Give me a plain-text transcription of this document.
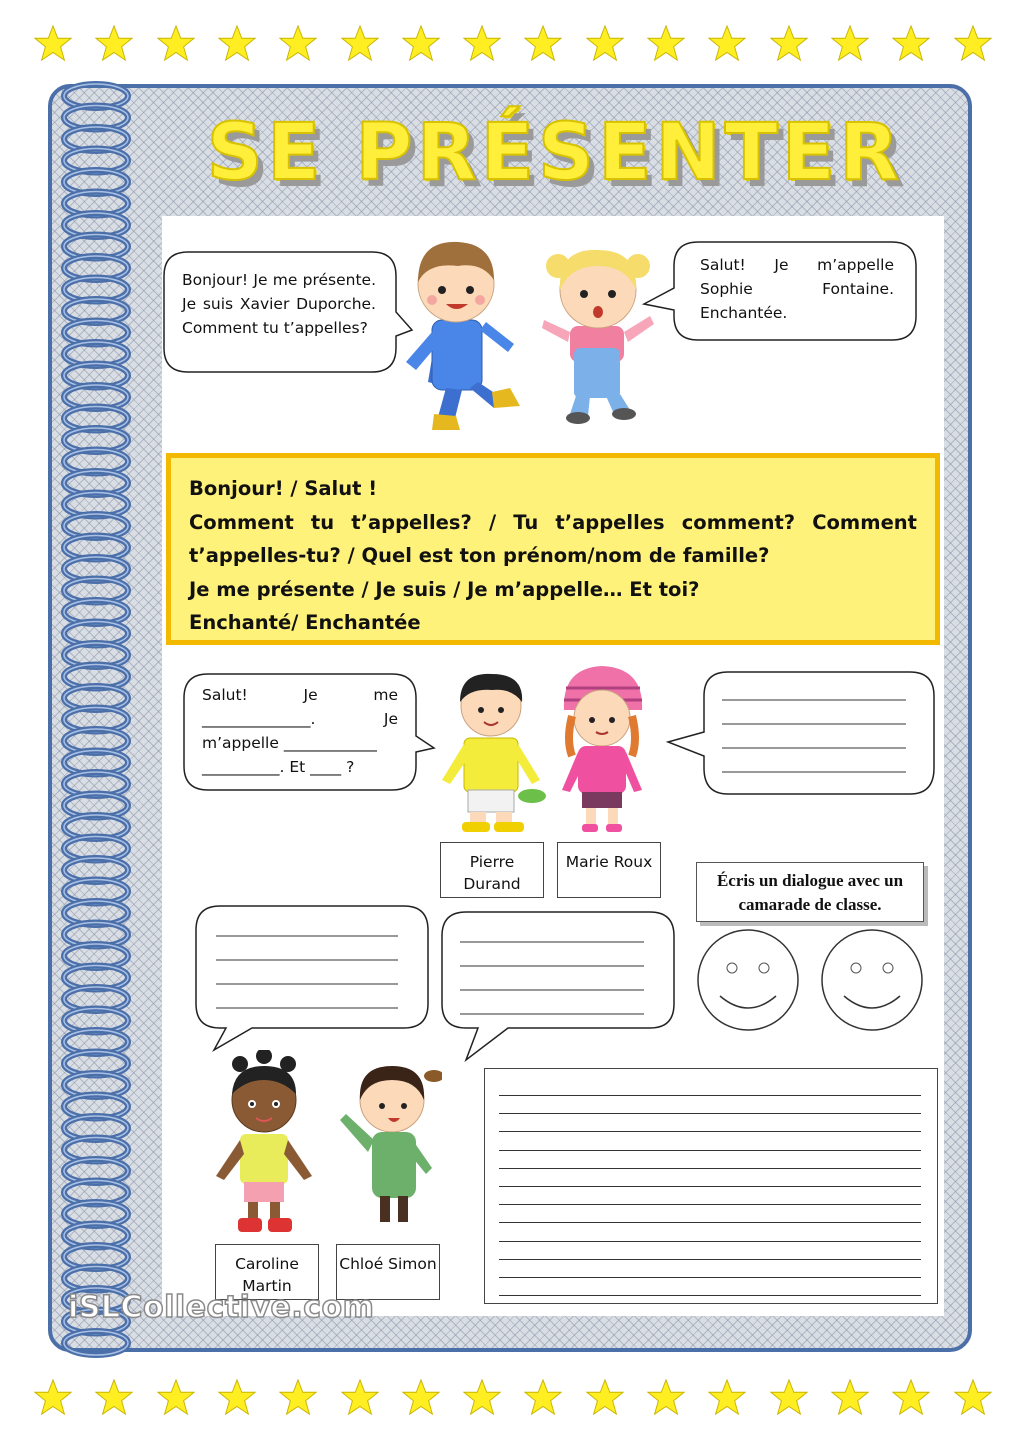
SE PRÉSENTER
Bonjour! Je me présente. Je suis Xavier Duporche. Comment tu t’appelles?
Salut! Je m’appelle Sophie Fontaine. Enchantée.
Bonjour! / Salut !
Comment tu t’appelles? / Tu t’appelles comment? Comment t’appelles-tu? / Quel est ton prénom/nom de famille?
Je me présente / Je suis / Je m’appelle… Et toi?
Enchanté/ Enchantée
Salut! Je me
______________. Je
m’appelle ____________
__________. Et ____ ?
Pierre Durand
Marie Roux
Écris un dialogue avec un camarade de classe.
Caroline Martin
Chloé Simon
iSLCollective.com
